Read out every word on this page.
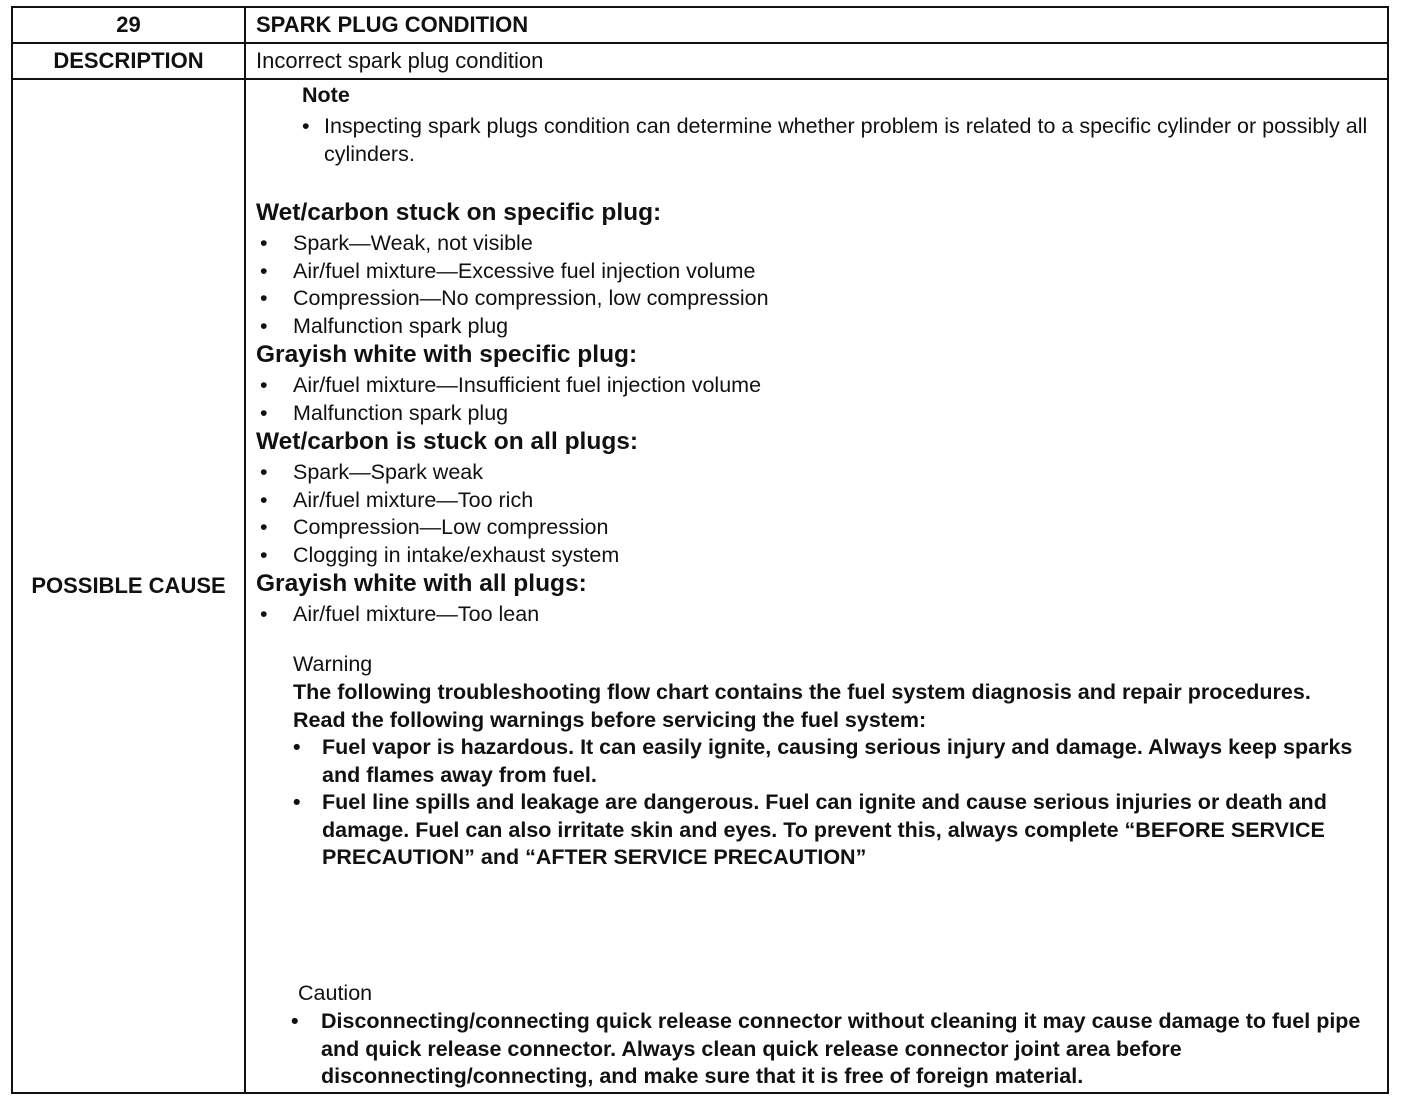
29	SPARK PLUG CONDITION
DESCRIPTION	Incorrect spark plug condition
POSSIBLE CAUSE
Note
• Inspecting spark plugs condition can determine whether problem is related to a specific cylinder or possibly all cylinders.
Wet/carbon stuck on specific plug:
• Spark—Weak, not visible
• Air/fuel mixture—Excessive fuel injection volume
• Compression—No compression, low compression
• Malfunction spark plug
Grayish white with specific plug:
• Air/fuel mixture—Insufficient fuel injection volume
• Malfunction spark plug
Wet/carbon is stuck on all plugs:
• Spark—Spark weak
• Air/fuel mixture—Too rich
• Compression—Low compression
• Clogging in intake/exhaust system
Grayish white with all plugs:
• Air/fuel mixture—Too lean
Warning
The following troubleshooting flow chart contains the fuel system diagnosis and repair procedures. Read the following warnings before servicing the fuel system:
• Fuel vapor is hazardous. It can easily ignite, causing serious injury and damage. Always keep sparks and flames away from fuel.
• Fuel line spills and leakage are dangerous. Fuel can ignite and cause serious injuries or death and damage. Fuel can also irritate skin and eyes. To prevent this, always complete “BEFORE SERVICE PRECAUTION” and “AFTER SERVICE PRECAUTION”
Caution
• Disconnecting/connecting quick release connector without cleaning it may cause damage to fuel pipe and quick release connector. Always clean quick release connector joint area before disconnecting/connecting, and make sure that it is free of foreign material.
